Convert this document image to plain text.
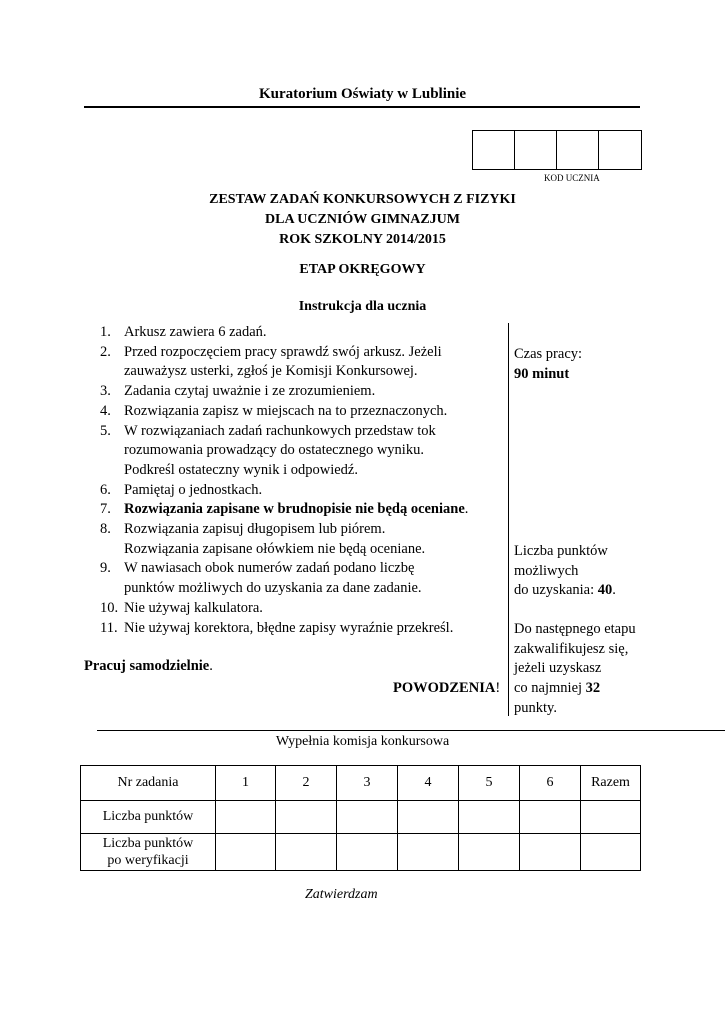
Kuratorium Oświaty w Lublinie
KOD UCZNIA
ZESTAW ZADAŃ KONKURSOWYCH Z FIZYKI
DLA UCZNIÓW GIMNAZJUM
ROK SZKOLNY 2014/2015
ETAP OKRĘGOWY
Instrukcja dla ucznia
1. Arkusz zawiera 6 zadań.
2. Przed rozpoczęciem pracy sprawdź swój arkusz. Jeżeli
zauważysz usterki, zgłoś je Komisji Konkursowej.
3. Zadania czytaj uważnie i ze zrozumieniem.
4. Rozwiązania zapisz w miejscach na to przeznaczonych.
5. W rozwiązaniach zadań rachunkowych przedstaw tok
rozumowania prowadzący do ostatecznego wyniku.
Podkreśl ostateczny wynik i odpowiedź.
6. Pamiętaj o jednostkach.
7. Rozwiązania zapisane w brudnopisie nie będą oceniane.
8. Rozwiązania zapisuj długopisem lub piórem.
Rozwiązania zapisane ołówkiem nie będą oceniane.
9. W nawiasach obok numerów zadań podano liczbę
punktów możliwych do uzyskania za dane zadanie.
10. Nie używaj kalkulatora.
11. Nie używaj korektora, błędne zapisy wyraźnie przekreśl.
Czas pracy:
90 minut
Liczba punktów
możliwych
do uzyskania: 40.
Do następnego etapu
zakwalifikujesz się,
jeżeli uzyskasz
co najmniej 32
punkty.
Pracuj samodzielnie.
POWODZENIA!
Wypełnia komisja konkursowa
Nr zadania	1	2	3	4	5	6	Razem
Liczba punktów							

Liczba punktów
po weryfikacji							

Zatwierdzam
